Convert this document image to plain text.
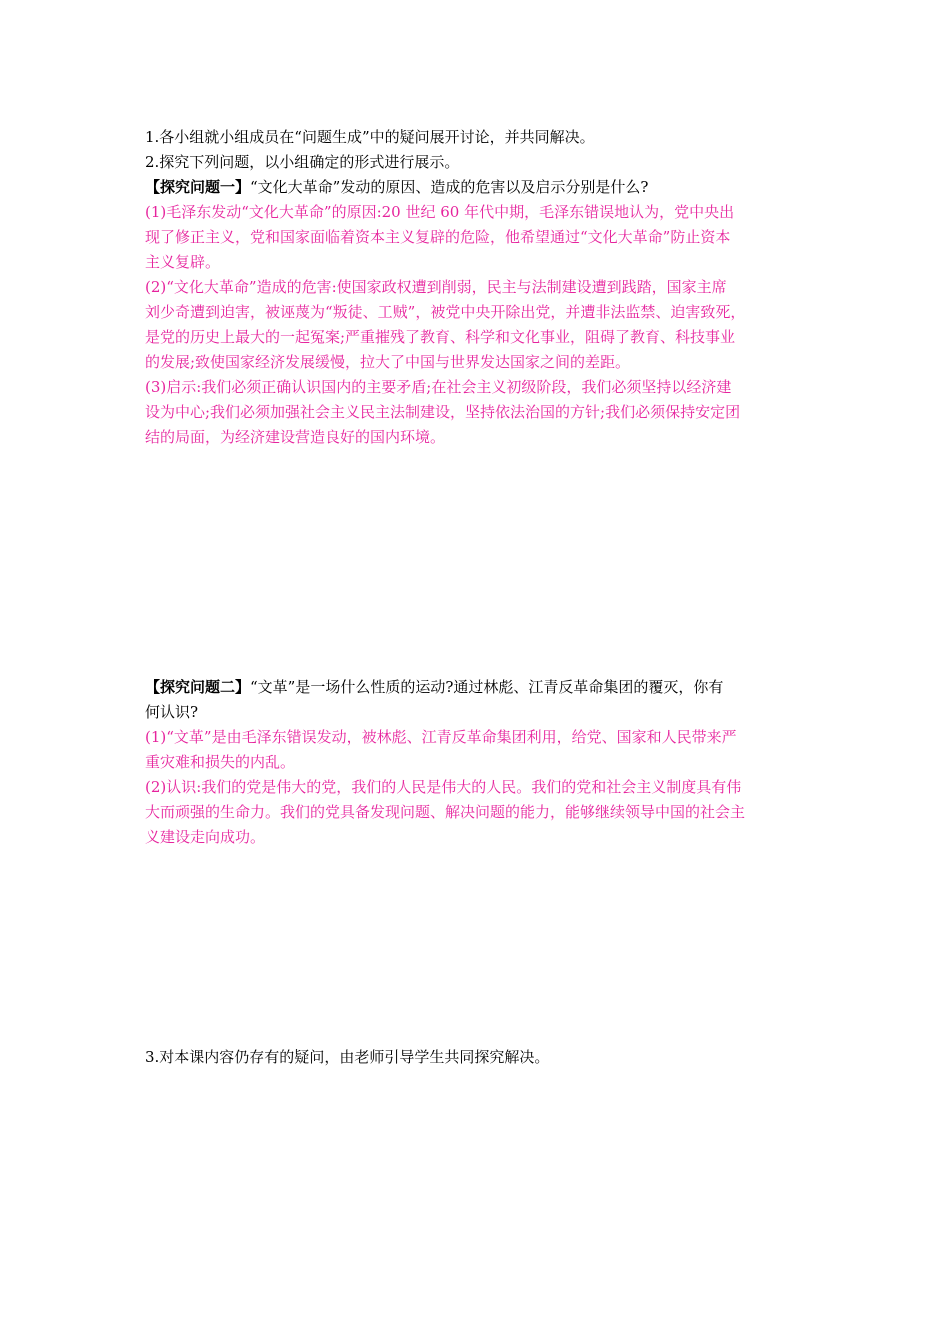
1.各小组就小组成员在“问题生成”中的疑问展开讨论，并共同解决。
2.探究下列问题，以小组确定的形式进行展示。
【探究问题一】“文化大革命”发动的原因、造成的危害以及启示分别是什么?
(1)毛泽东发动“文化大革命”的原因:20 世纪 60 年代中期，毛泽东错误地认为，党中央出
现了修正主义，党和国家面临着资本主义复辟的危险，他希望通过“文化大革命”防止资本
主义复辟。
(2)“文化大革命”造成的危害:使国家政权遭到削弱，民主与法制建设遭到践踏，国家主席
刘少奇遭到迫害，被诬蔑为“叛徒、工贼”，被党中央开除出党，并遭非法监禁、迫害致死，
是党的历史上最大的一起冤案;严重摧残了教育、科学和文化事业，阻碍了教育、科技事业
的发展;致使国家经济发展缓慢，拉大了中国与世界发达国家之间的差距。
(3)启示:我们必须正确认识国内的主要矛盾;在社会主义初级阶段，我们必须坚持以经济建
设为中心;我们必须加强社会主义民主法制建设，坚持依法治国的方针;我们必须保持安定团
结的局面，为经济建设营造良好的国内环境。
【探究问题二】“文革”是一场什么性质的运动?通过林彪、江青反革命集团的覆灭，你有
何认识?
(1)“文革”是由毛泽东错误发动，被林彪、江青反革命集团利用，给党、国家和人民带来严
重灾难和损失的内乱。
(2)认识:我们的党是伟大的党，我们的人民是伟大的人民。我们的党和社会主义制度具有伟
大而顽强的生命力。我们的党具备发现问题、解决问题的能力，能够继续领导中国的社会主
义建设走向成功。
3.对本课内容仍存有的疑问，由老师引导学生共同探究解决。
